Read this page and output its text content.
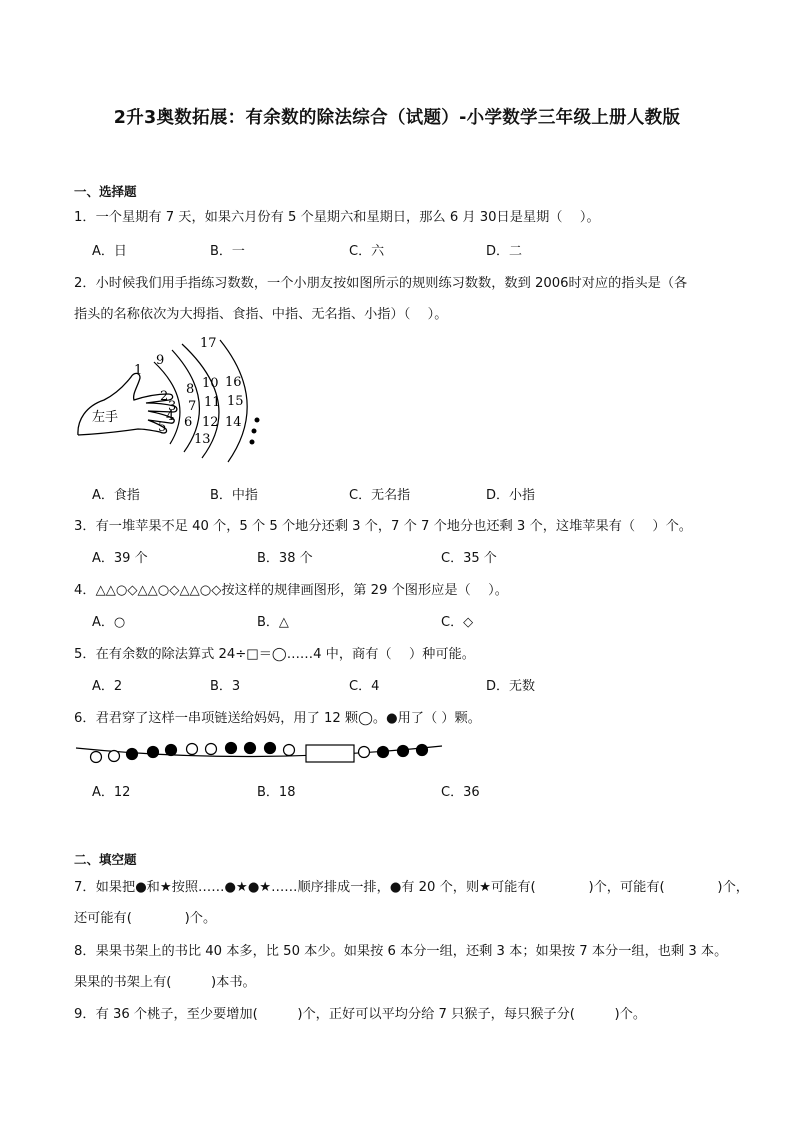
2升3奥数拓展：有余数的除法综合（试题）-小学数学三年级上册人教版
一、选择题
1．一个星期有 7 天，如果六月份有 5 个星期六和星期日，那么 6 月 30日是星期（　 ）。
A．日	B．一	C．六	D．二
2．小时候我们用手指练习数数，一个小朋友按如图所示的规则练习数数，数到 2006时对应的指头是（各
指头的名称依次为大拇指、食指、中指、无名指、小指）（　 ）。
左手
1
2
3
4
5 6
7
8
9
10
11
12
13
14
15
16
17
A．食指	B．中指	C．无名指	D．小指
3．有一堆苹果不足 40 个，5 个 5 个地分还剩 3 个，7 个 7 个地分也还剩 3 个，这堆苹果有（　 ）个。
A．39 个	B．38 个	C．35 个
4．△△○◇△△○◇△△○◇按这样的规律画图形，第 29 个图形应是（　 ）。
A．○	B．△	C．◇
5．在有余数的除法算式 24÷□＝◯……4 中，商有（　 ）种可能。
A．2	B．3	C．4	D．无数
6．君君穿了这样一串项链送给妈妈，用了 12 颗◯。●用了（ ）颗。
A．12	B．18	C．36
二、填空题
7．如果把●和★按照……●★●★……顺序排成一排，●有 20 个，则★可能有(　　　　)个，可能有(　　　　)个，
还可能有(　　　　)个。
8．果果书架上的书比 40 本多，比 50 本少。如果按 6 本分一组，还剩 3 本；如果按 7 本分一组，也剩 3 本。
果果的书架上有(　　　)本书。
9．有 36 个桃子，至少要增加(　　　)个，正好可以平均分给 7 只猴子，每只猴子分(　　　)个。
